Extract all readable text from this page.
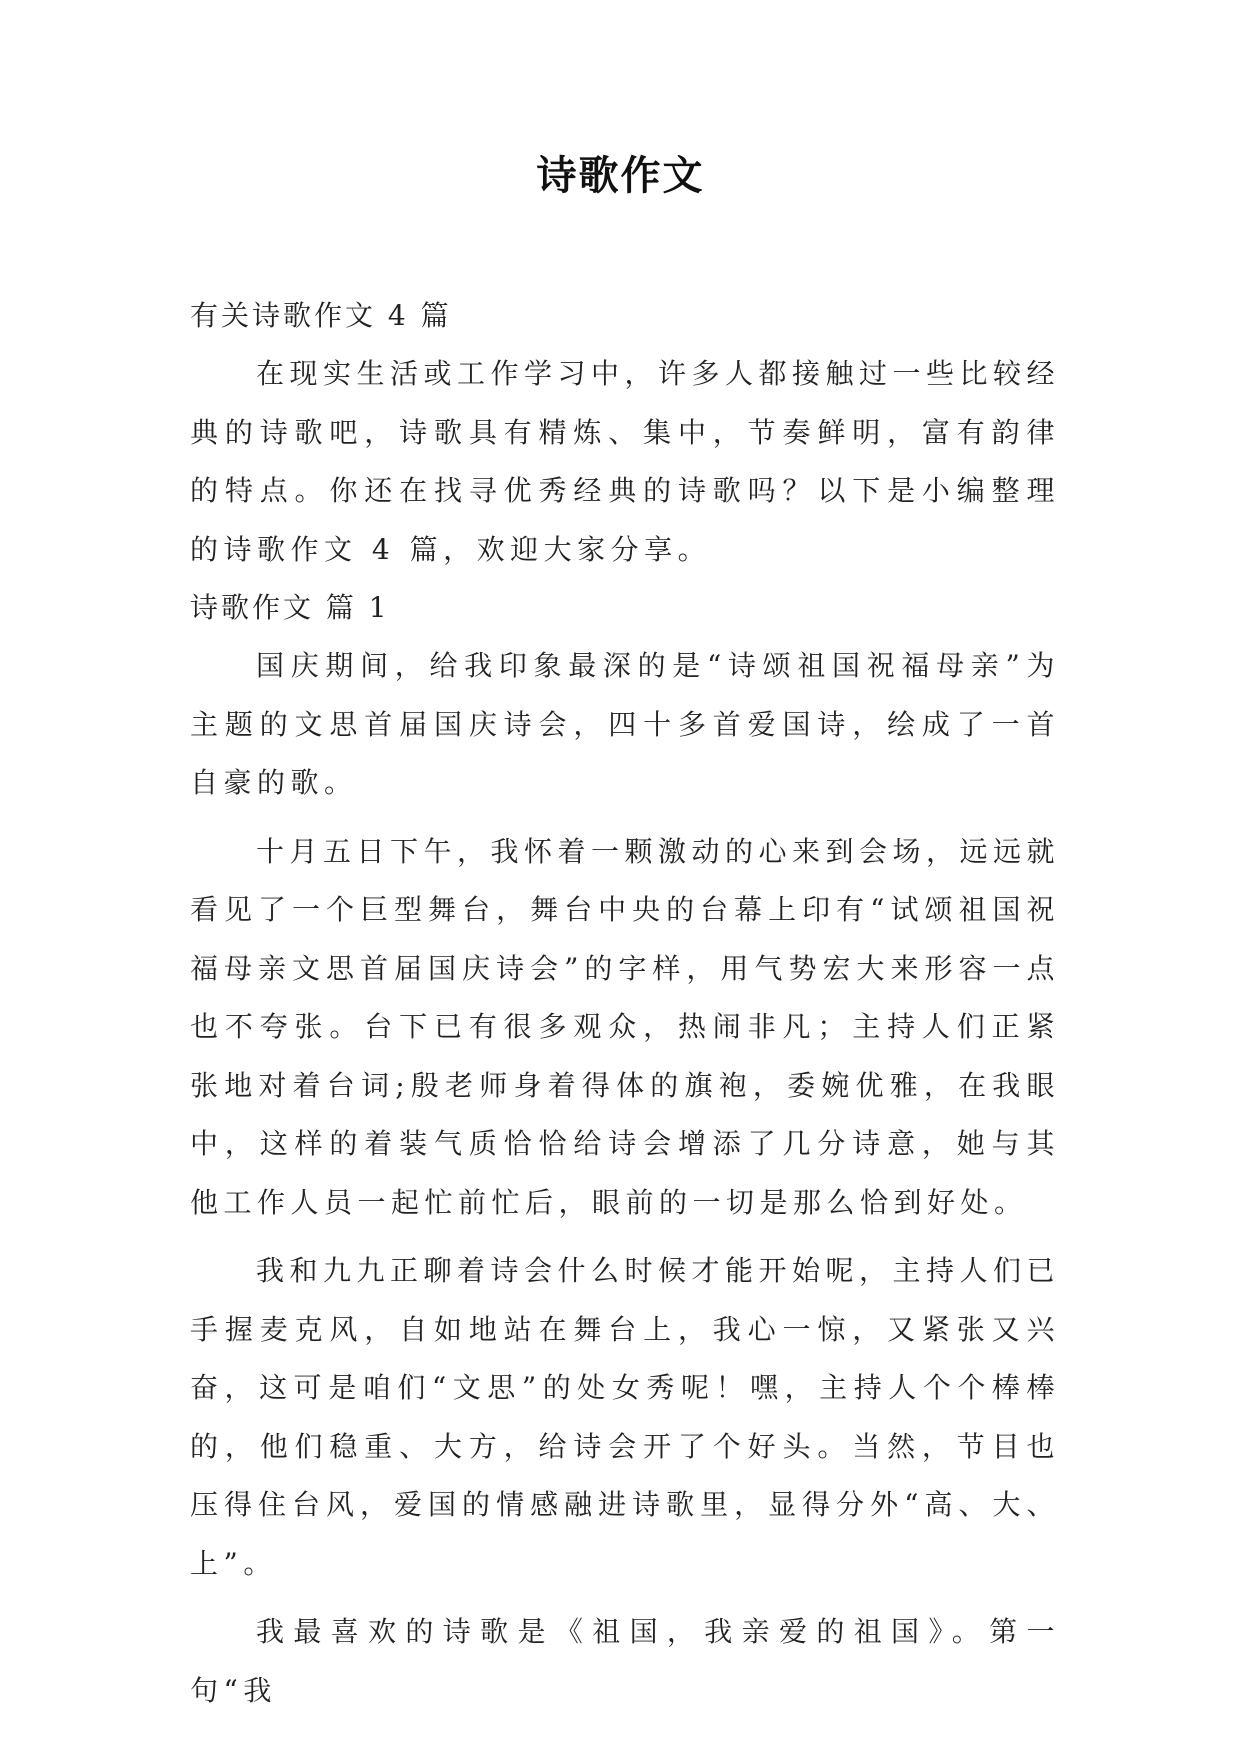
诗歌作文

有关诗歌作文 4 篇

在现实生活或工作学习中，许多人都接触过一些比较经典的诗歌吧，诗歌具有精炼、集中，节奏鲜明，富有韵律的特点。你还在找寻优秀经典的诗歌吗？以下是小编整理的诗歌作文 4 篇，欢迎大家分享。

诗歌作文 篇 1

国庆期间，给我印象最深的是“诗颂祖国祝福母亲”为主题的文思首届国庆诗会，四十多首爱国诗，绘成了一首自豪的歌。

十月五日下午，我怀着一颗激动的心来到会场，远远就看见了一个巨型舞台，舞台中央的台幕上印有“试颂祖国祝福母亲文思首届国庆诗会”的字样，用气势宏大来形容一点也不夸张。台下已有很多观众，热闹非凡；主持人们正紧张地对着台词;殷老师身着得体的旗袍，委婉优雅，在我眼中，这样的着装气质恰恰给诗会增添了几分诗意，她与其他工作人员一起忙前忙后，眼前的一切是那么恰到好处。

我和九九正聊着诗会什么时候才能开始呢，主持人们已手握麦克风，自如地站在舞台上，我心一惊，又紧张又兴奋，这可是咱们“文思”的处女秀呢！嘿，主持人个个棒棒的，他们稳重、大方，给诗会开了个好头。当然，节目也压得住台风，爱国的情感融进诗歌里，显得分外“高、大、上”。

我最喜欢的诗歌是《祖国，我亲爱的祖国》。第一句“我
